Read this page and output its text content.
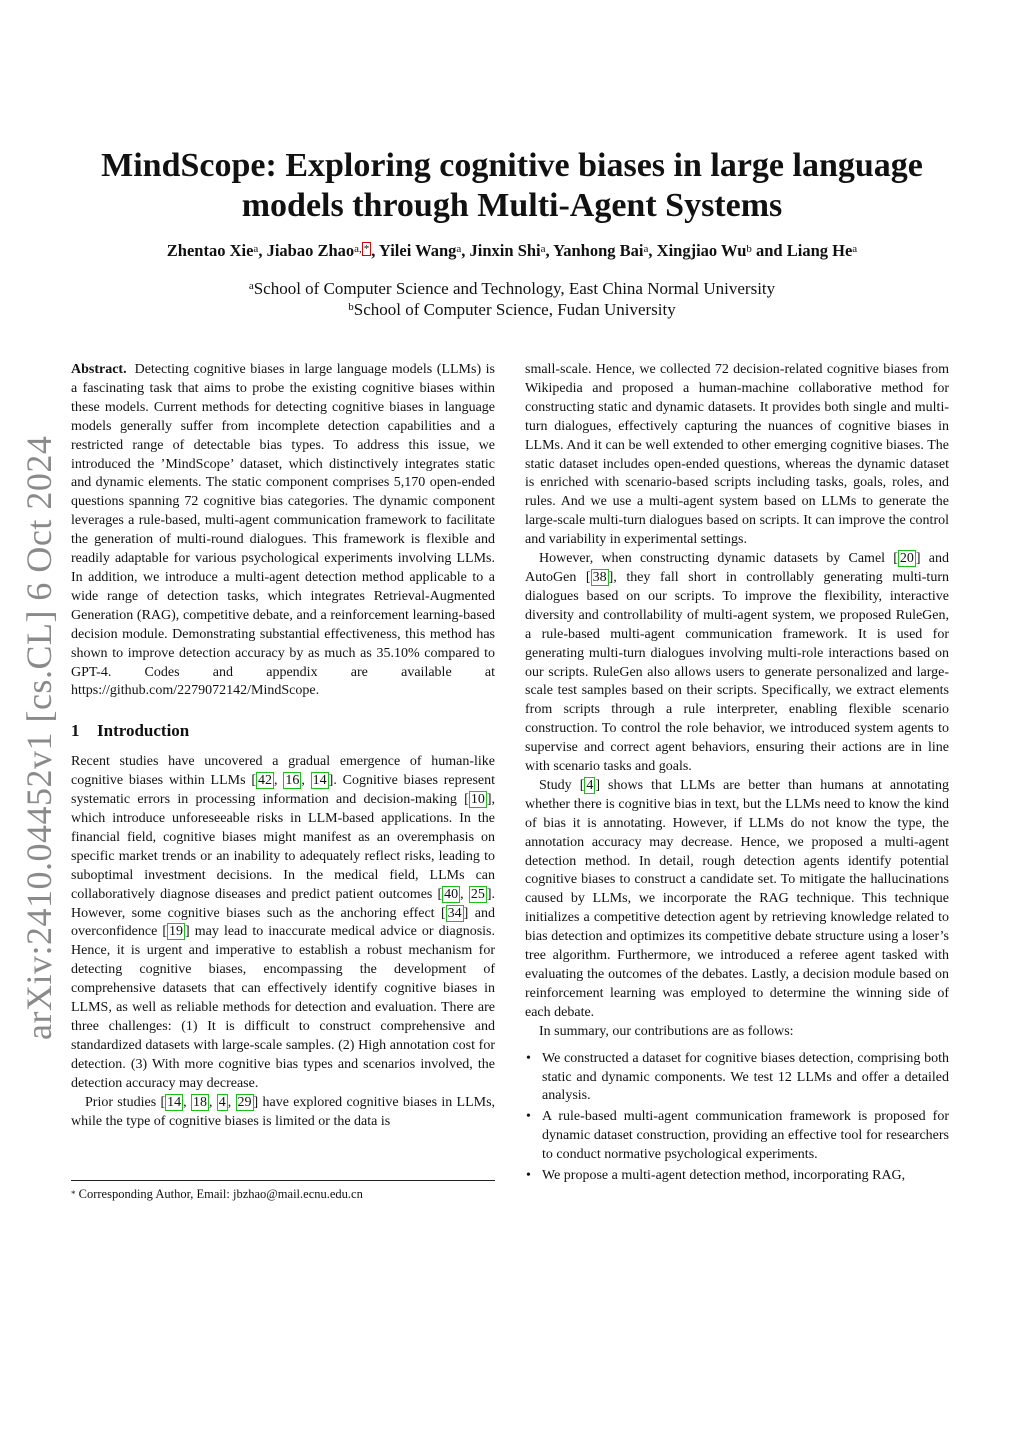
arXiv:2410.04452v1 [cs.CL] 6 Oct 2024
MindScope: Exploring cognitive biases in large language models through Multi-Agent Systems
Zhentao Xie$^a$, Jiabao Zhao$^{a,}$ * , Yilei Wang$^a$, Jinxin Shi$^a$, Yanhong Bai$^a$, Xingjiao Wu$^b$ and Liang He$^a$
$^a$School of Computer Science and Technology, East China Normal University
$^b$School of Computer Science, Fudan University

Abstract. Detecting cognitive biases in large language models (LLMs) is a fascinating task that aims to probe the existing cognitive biases within these models. Current methods for detecting cognitive biases in language models generally suffer from incomplete detection capabilities and a restricted range of detectable bias types. To address this issue, we introduced the ’MindScope’ dataset, which distinctively integrates static and dynamic elements. The static component comprises 5,170 open-ended questions spanning 72 cognitive bias categories. The dynamic component leverages a rule-based, multi-agent communication framework to facilitate the generation of multi-round dialogues. This framework is flexible and readily adaptable for various psychological experiments involving LLMs. In addition, we introduce a multi-agent detection method applicable to a wide range of detection tasks, which integrates Retrieval-Augmented Generation (RAG), competitive debate, and a reinforcement learning-based decision module. Demonstrating substantial effectiveness, this method has shown to improve detection accuracy by as much as 35.10% compared to GPT-4. Codes and appendix are available at https://github.com/2279072142/MindScope.

1 Introduction

Recent studies have uncovered a gradual emergence of human-like cognitive biases within LLMs [ 42 , 16 , 14 ]. Cognitive biases represent systematic errors in processing information and decision-making [ 10 ], which introduce unforeseeable risks in LLM-based applications. In the financial field, cognitive biases might manifest as an overemphasis on specific market trends or an inability to adequately reflect risks, leading to suboptimal investment decisions. In the medical field, LLMs can collaboratively diagnose diseases and predict patient outcomes [ 40 , 25 ]. However, some cognitive biases such as the anchoring effect [ 34 ] and overconfidence [ 19 ] may lead to inaccurate medical advice or diagnosis. Hence, it is urgent and imperative to establish a robust mechanism for detecting cognitive biases, encompassing the development of comprehensive datasets that can effectively identify cognitive biases in LLMS, as well as reliable methods for detection and evaluation. There are three challenges: (1) It is difficult to construct comprehensive and standardized datasets with large-scale samples. (2) High annotation cost for detection. (3) With more cognitive bias types and scenarios involved, the detection accuracy may decrease.

Prior studies [ 14 , 18 , 4 , 29 ] have explored cognitive biases in LLMs, while the type of cognitive biases is limited or the data is

* Corresponding Author, Email: jbzhao@mail.ecnu.edu.cn

small-scale. Hence, we collected 72 decision-related cognitive biases from Wikipedia and proposed a human-machine collaborative method for constructing static and dynamic datasets. It provides both single and multi-turn dialogues, effectively capturing the nuances of cognitive biases in LLMs. And it can be well extended to other emerging cognitive biases. The static dataset includes open-ended questions, whereas the dynamic dataset is enriched with scenario-based scripts including tasks, goals, roles, and rules. And we use a multi-agent system based on LLMs to generate the large-scale multi-turn dialogues based on scripts. It can improve the control and variability in experimental settings.

However, when constructing dynamic datasets by Camel [ 20 ] and AutoGen [ 38 ], they fall short in controllably generating multi-turn dialogues based on our scripts. To improve the flexibility, interactive diversity and controllability of multi-agent system, we proposed RuleGen, a rule-based multi-agent communication framework. It is used for generating multi-turn dialogues involving multi-role interactions based on our scripts. RuleGen also allows users to generate personalized and large-scale test samples based on their scripts. Specifically, we extract elements from scripts through a rule interpreter, enabling flexible scenario construction. To control the role behavior, we introduced system agents to supervise and correct agent behaviors, ensuring their actions are in line with scenario tasks and goals.

Study [ 4 ] shows that LLMs are better than humans at annotating whether there is cognitive bias in text, but the LLMs need to know the kind of bias it is annotating. However, if LLMs do not know the type, the annotation accuracy may decrease. Hence, we proposed a multi-agent detection method. In detail, rough detection agents identify potential cognitive biases to construct a candidate set. To mitigate the hallucinations caused by LLMs, we incorporate the RAG technique. This technique initializes a competitive detection agent by retrieving knowledge related to bias detection and optimizes its competitive debate structure using a loser’s tree algorithm. Furthermore, we introduced a referee agent tasked with evaluating the outcomes of the debates. Lastly, a decision module based on reinforcement learning was employed to determine the winning side of each debate.

In summary, our contributions are as follows:

• We constructed a dataset for cognitive biases detection, comprising both static and dynamic components. We test 12 LLMs and offer a detailed analysis.
• A rule-based multi-agent communication framework is proposed for dynamic dataset construction, providing an effective tool for researchers to conduct normative psychological experiments.
• We propose a multi-agent detection method, incorporating RAG,
